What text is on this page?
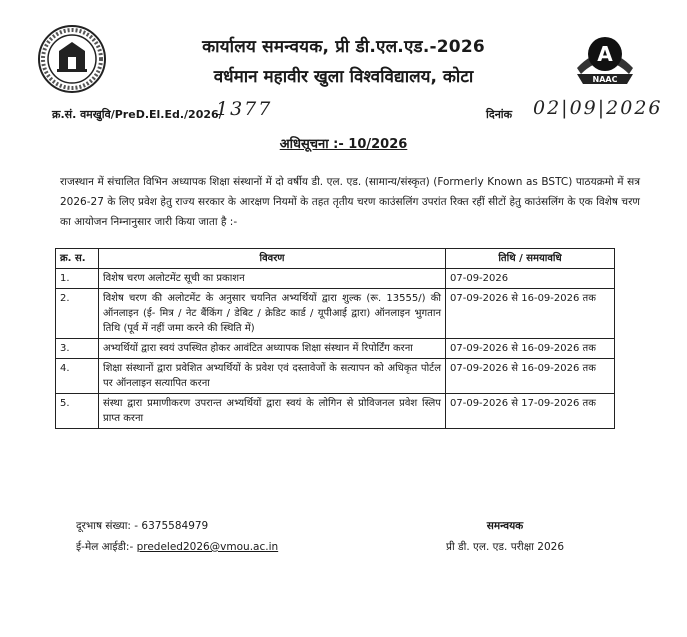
A
NAAC
कार्यालय समन्वयक, प्री डी.एल.एड.-2026
वर्धमान महावीर खुला विश्वविद्यालय, कोटा
क्र.सं. वमखुवि/PreD.El.Ed./2026/
1377	दिनांक 02|09|2026
अधिसूचना :- 10/2026
राजस्थान में संचालित विभिन अध्यापक शिक्षा संस्थानों में दो वर्षीय डी. एल. एड. (सामान्य/संस्कृत) (Formerly Known as BSTC) पाठयक्रमो में सत्र 2026-27 के लिए प्रवेश हेतु राज्य सरकार के आरक्षण नियमों के तहत तृतीय चरण काउंसलिंग उपरांत रिक्त रहीं सीटों हेतु काउंसलिंग के एक विशेष चरण का आयोजन निम्नानुसार जारी किया जाता है :-
क्र. स.	विवरण	तिथि / समयावधि
1.	विशेष चरण अलोटमेंट सूची का प्रकाशन	07-09-2026
2.	विशेष चरण की अलोटमेंट के अनुसार चयनित अभ्यर्थियों द्वारा शुल्क (रू. 13555/) की ऑनलाइन (ई- मित्र / नेट बैंकिंग / डेबिट / क्रेडिट कार्ड / यूपीआई द्वारा) ऑनलाइन भुगतान तिथि (पूर्व में नहीं जमा करने की स्थिति में)	07-09-2026 से 16-09-2026 तक
3.	अभ्यर्थियों द्वारा स्वयं उपस्थित होकर आवंटित अध्यापक शिक्षा संस्थान में रिपोर्टिंग करना	07-09-2026 से 16-09-2026 तक
4.	शिक्षा संस्थानों द्वारा प्रवेशित अभ्यर्थियों के प्रवेश एवं दस्तावेजों के सत्यापन को अधिकृत पोर्टल पर ऑनलाइन सत्यापित करना	07-09-2026 से 16-09-2026 तक
5.	संस्था द्वारा प्रमाणीकरण उपरान्त अभ्यर्थियों द्वारा स्वयं के लोगिन से प्रोविजनल प्रवेश स्लिप प्राप्त करना	07-09-2026 से 17-09-2026 तक
दूरभाष संख्या: - 6375584979
ई-मेल आईडी:- predeled2026@vmou.ac.in
समन्वयक
प्री डी. एल. एड. परीक्षा 2026
